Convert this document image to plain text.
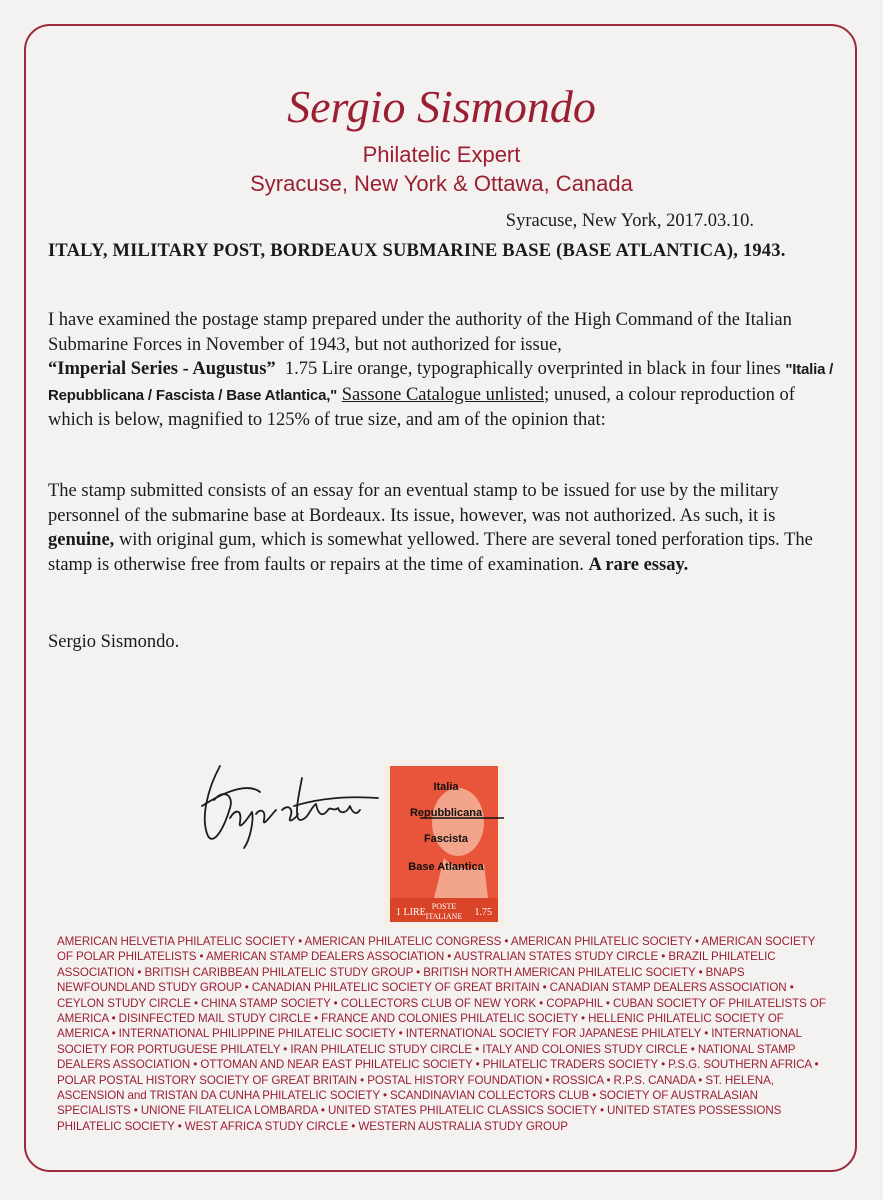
Sergio Sismondo
Philatelic Expert
Syracuse, New York & Ottawa, Canada
Syracuse, New York, 2017.03.10.
ITALY, MILITARY POST, BORDEAUX SUBMARINE BASE (BASE ATLANTICA), 1943.

I have examined the postage stamp prepared under the authority of the High Command of the Italian Submarine Forces in November of 1943, but not authorized for issue,
“Imperial Series - Augustus” 1.75 Lire orange, typographically overprinted in black in four lines "Italia / Repubblicana / Fascista / Base Atlantica," Sassone Catalogue unlisted; unused, a colour reproduction of which is below, magnified to 125% of true size, and am of the opinion that:

The stamp submitted consists of an essay for an eventual stamp to be issued for use by the military personnel of the submarine base at Bordeaux. Its issue, however, was not authorized. As such, it is genuine, with original gum, which is somewhat yellowed. There are several toned perforation tips. The stamp is otherwise free from faults or repairs at the time of examination. A rare essay.

Sergio Sismondo.
Italia
Repubblicana
Fascista
Base Atlantica
1 LIRE
POSTE
ITALIANE 1.75
AMERICAN HELVETIA PHILATELIC SOCIETY • AMERICAN PHILATELIC CONGRESS • AMERICAN PHILATELIC SOCIETY • AMERICAN SOCIETY OF POLAR PHILATELISTS • AMERICAN STAMP DEALERS ASSOCIATION • AUSTRALIAN STATES STUDY CIRCLE • BRAZIL PHILATELIC ASSOCIATION • BRITISH CARIBBEAN PHILATELIC STUDY GROUP • BRITISH NORTH AMERICAN PHILATELIC SOCIETY • BNAPS NEWFOUNDLAND STUDY GROUP • CANADIAN PHILATELIC SOCIETY OF GREAT BRITAIN • CANADIAN STAMP DEALERS ASSOCIATION • CEYLON STUDY CIRCLE • CHINA STAMP SOCIETY • COLLECTORS CLUB OF NEW YORK • COPAPHIL • CUBAN SOCIETY OF PHILATELISTS OF AMERICA • DISINFECTED MAIL STUDY CIRCLE • FRANCE AND COLONIES PHILATELIC SOCIETY • HELLENIC PHILATELIC SOCIETY OF AMERICA • INTERNATIONAL PHILIPPINE PHILATELIC SOCIETY • INTERNATIONAL SOCIETY FOR JAPANESE PHILATELY • INTERNATIONAL SOCIETY FOR PORTUGUESE PHILATELY • IRAN PHILATELIC STUDY CIRCLE • ITALY AND COLONIES STUDY CIRCLE • NATIONAL STAMP DEALERS ASSOCIATION • OTTOMAN AND NEAR EAST PHILATELIC SOCIETY • PHILATELIC TRADERS SOCIETY • P.S.G. SOUTHERN AFRICA • POLAR POSTAL HISTORY SOCIETY OF GREAT BRITAIN • POSTAL HISTORY FOUNDATION • ROSSICA • R.P.S. CANADA • ST. HELENA, ASCENSION and TRISTAN DA CUNHA PHILATELIC SOCIETY • SCANDINAVIAN COLLECTORS CLUB • SOCIETY OF AUSTRALASIAN SPECIALISTS • UNIONE FILATELICA LOMBARDA • UNITED STATES PHILATELIC CLASSICS SOCIETY • UNITED STATES POSSESSIONS PHILATELIC SOCIETY • WEST AFRICA STUDY CIRCLE • WESTERN AUSTRALIA STUDY GROUP
